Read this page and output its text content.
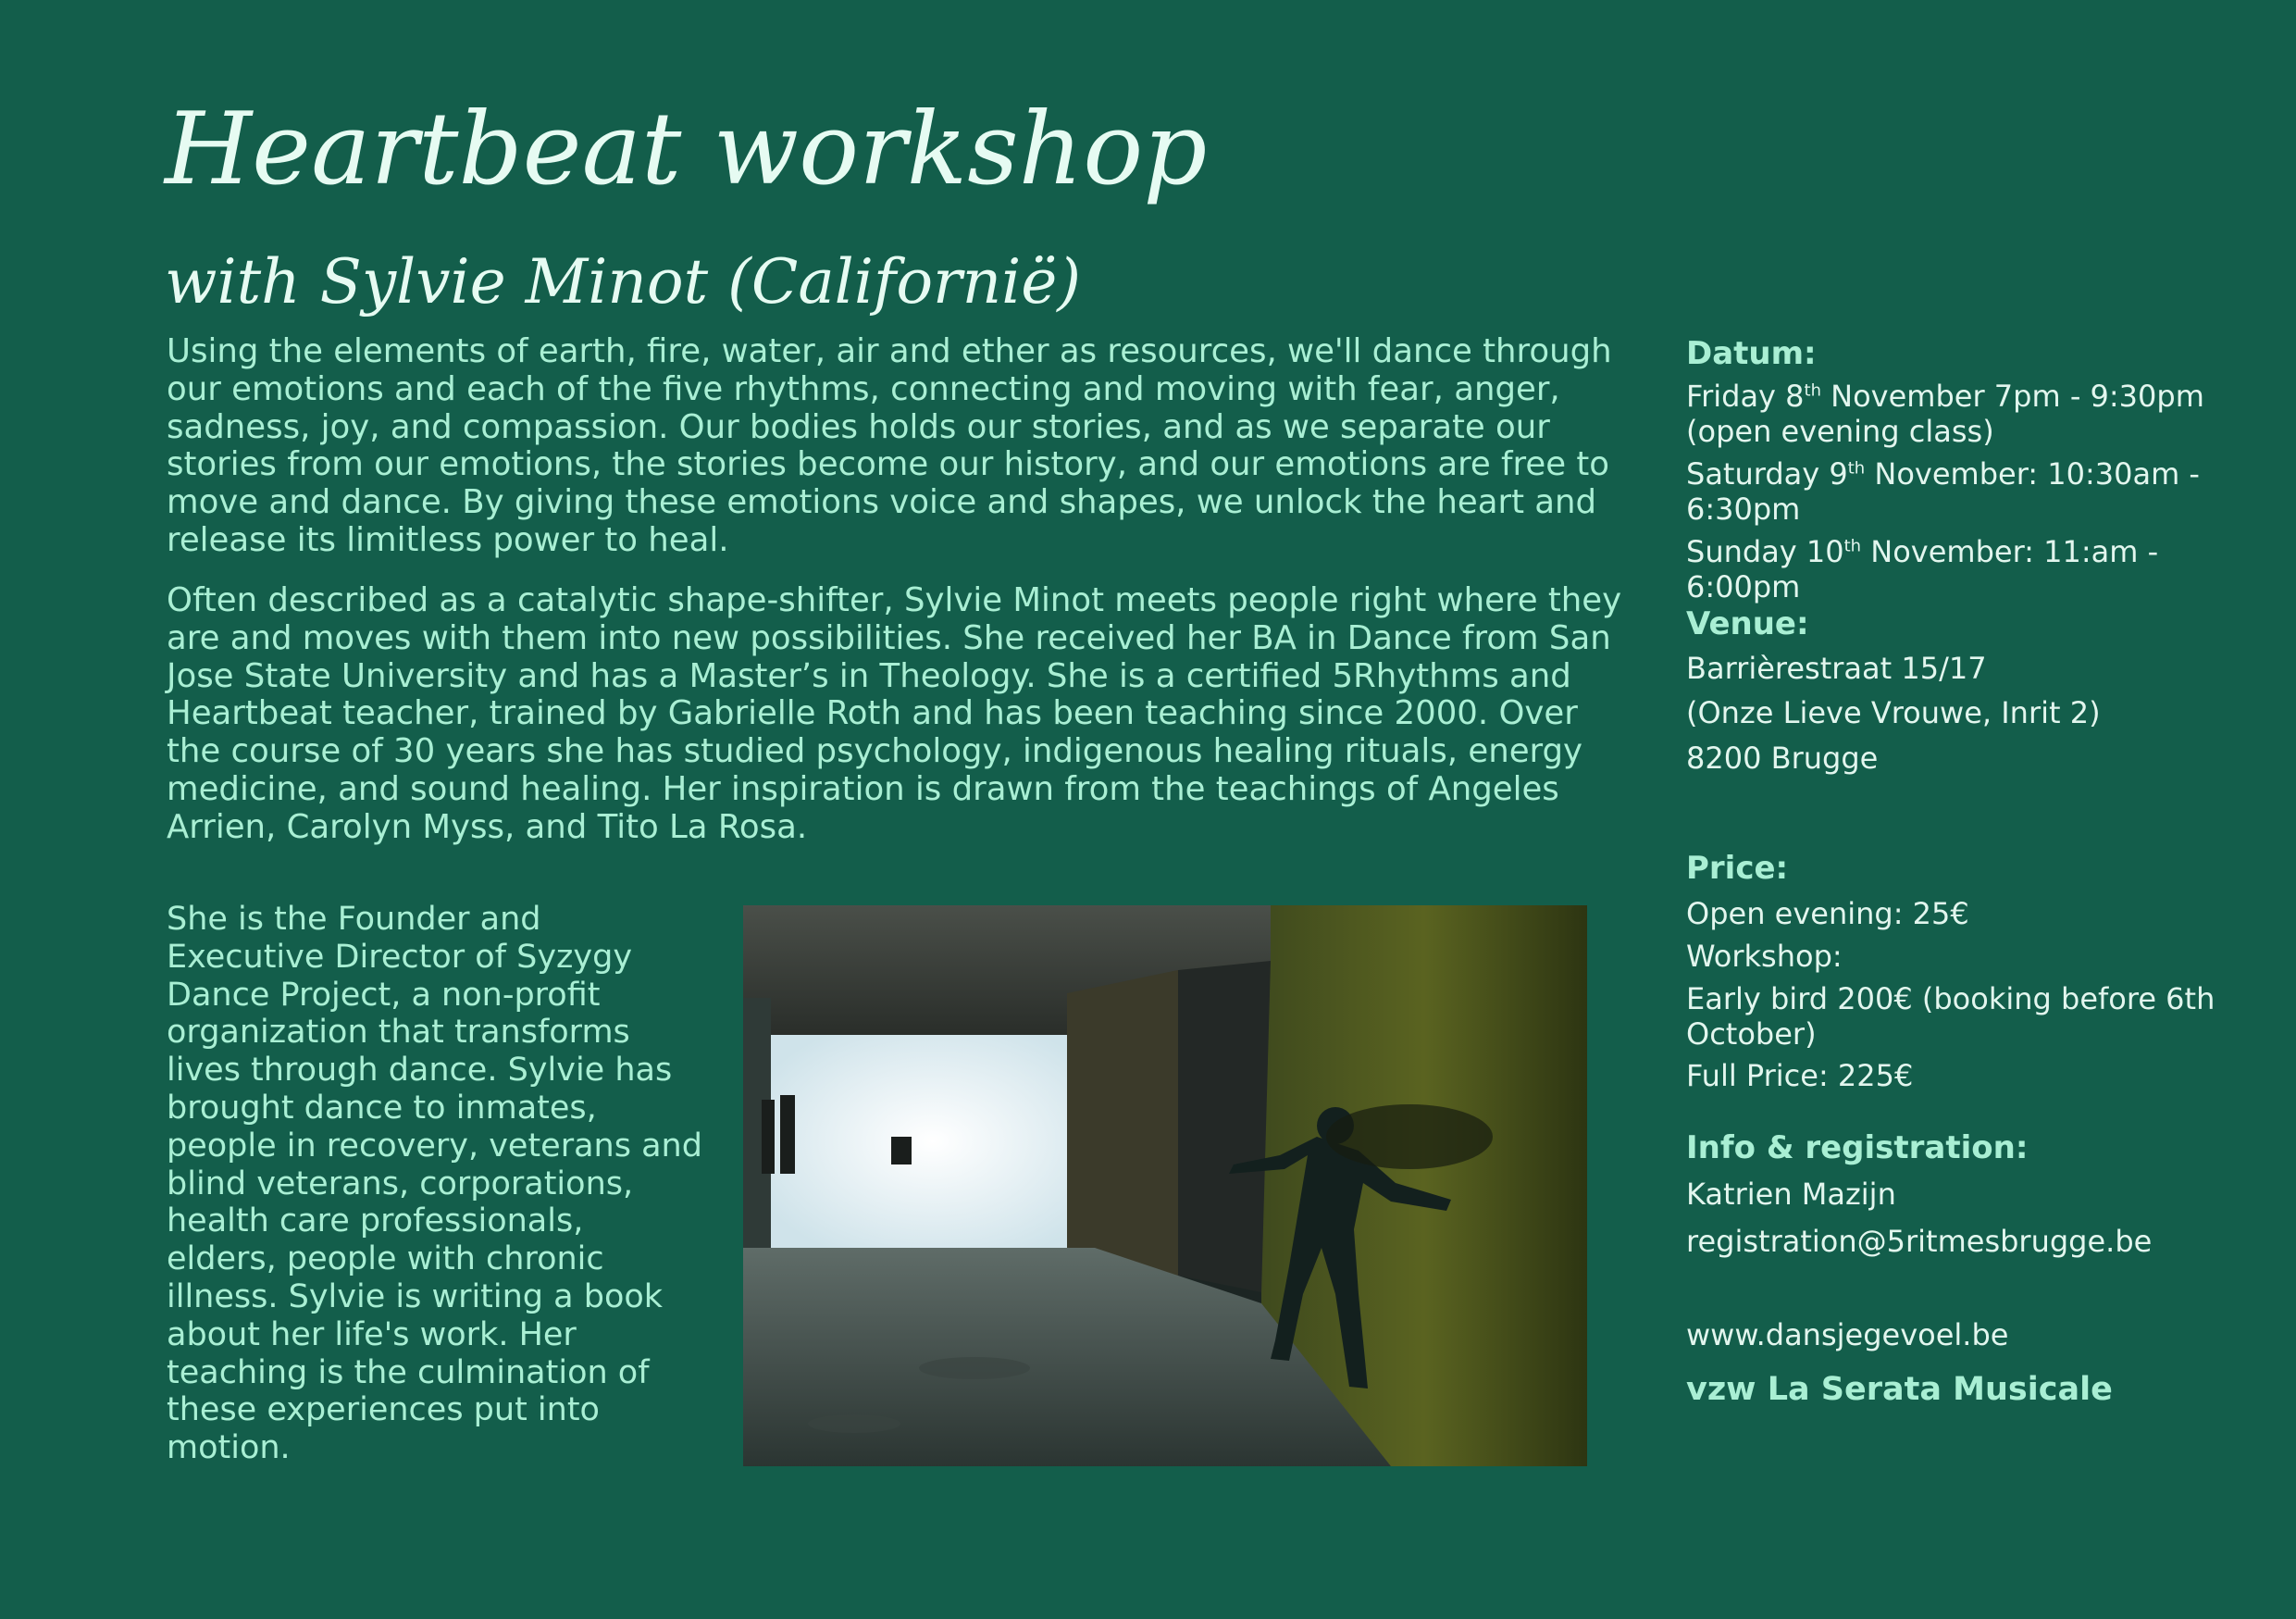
Heartbeat workshop
with Sylvie Minot (Californië)

Using the elements of earth, fire, water, air and ether as resources, we'll dance through our emotions and each of the five rhythms, connecting and moving with fear, anger, sadness, joy, and compassion. Our bodies holds our stories, and as we separate our stories from our emotions, the stories become our history, and our emotions are free to move and dance. By giving these emotions voice and shapes, we unlock the heart and release its limitless power to heal.

Often described as a catalytic shape-shifter, Sylvie Minot meets people right where they are and moves with them into new possibilities. She received her BA in Dance from San Jose State University and has a Master’s in Theology. She is a certified 5Rhythms and Heartbeat teacher, trained by Gabrielle Roth and has been teaching since 2000. Over the course of 30 years she has studied psychology, indigenous healing rituals, energy medicine, and sound healing. Her inspiration is drawn from the teachings of Angeles Arrien, Carolyn Myss, and Tito La Rosa.

She is the Founder and Executive Director of Syzygy Dance Project, a non-profit organization that transforms lives through dance. Sylvie has brought dance to inmates, people in recovery, veterans and blind veterans, corporations, health care professionals, elders, people with chronic illness. Sylvie is writing a book about her life's work. Her teaching is the culmination of these experiences put into motion.

Datum:

Friday 8th November 7pm - 9:30pm (open evening class)

Saturday 9th November: 10:30am - 6:30pm

Sunday 10th November: 11:am - 6:00pm

Venue:

Barrièrestraat 15/17

(Onze Lieve Vrouwe, Inrit 2)

8200 Brugge

Price:

Open evening: 25€

Workshop:

Early bird 200€ (booking before 6th October)

Full Price: 225€

Info & registration:

Katrien Mazijn

registration@5ritmesbrugge.be

www.dansjegevoel.be

vzw La Serata Musicale
